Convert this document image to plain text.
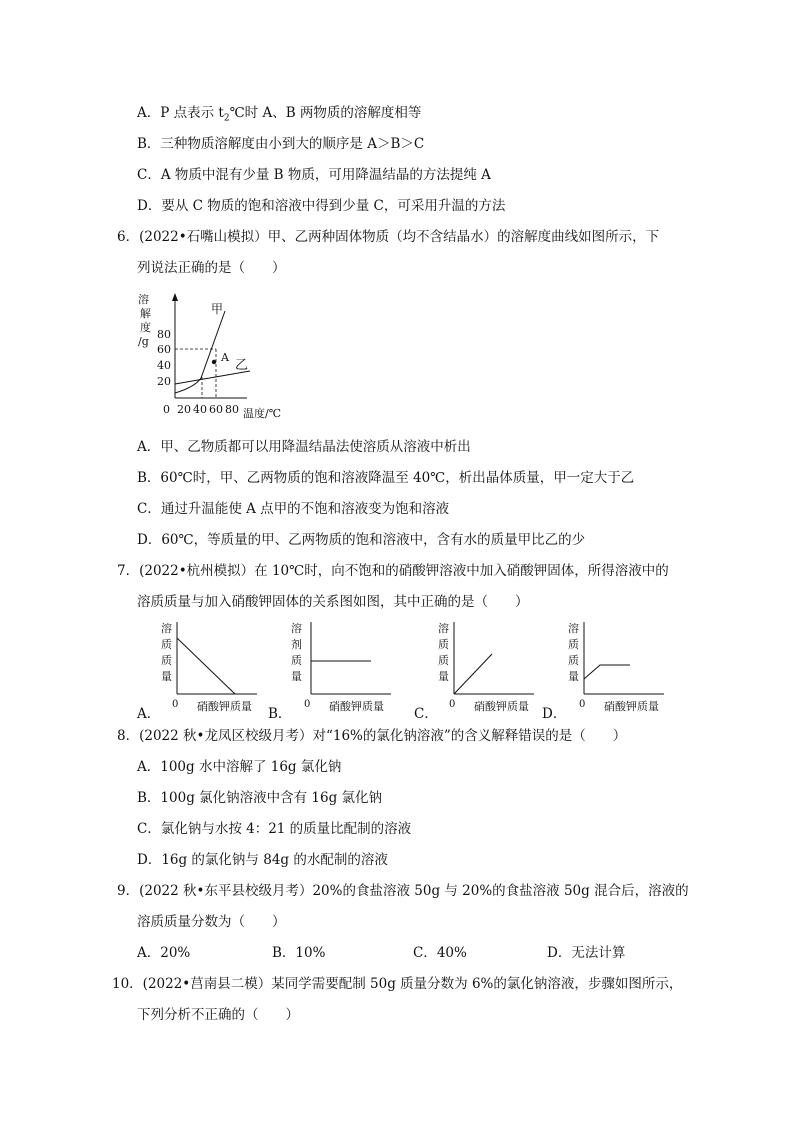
A．P 点表示 $t_2℃$时 A、B 两物质的溶解度相等
B．三种物质溶解度由小到大的顺序是 A＞B＞C
C．A 物质中混有少量 B 物质，可用降温结晶的方法提纯 A
D．要从 C 物质的饱和溶液中得到少量 C，可采用升温的方法
6．(2022•石嘴山模拟）甲、乙两种固体物质（均不含结晶水）的溶解度曲线如图所示，下
列说法正确的是（　　）
溶
解
度
/g
80
60
40
20
0 20 40 60 80 温度/℃
甲
乙
A
A．甲、乙物质都可以用降温结晶法使溶质从溶液中析出
B．60℃时，甲、乙两物质的饱和溶液降温至 40℃，析出晶体质量，甲一定大于乙
C．通过升温能使 A 点甲的不饱和溶液变为饱和溶液
D．60℃，等质量的甲、乙两物质的饱和溶液中，含有水的质量甲比乙的少
7．(2022•杭州模拟）在 10℃时，向不饱和的硝酸钾溶液中加入硝酸钾固体，所得溶液中的
溶质质量与加入硝酸钾固体的关系图如图，其中正确的是（　　）
溶
质
质
量
0 硝酸钾质量
A．
溶
剂
质
量
0 硝酸钾质量
B．
溶
质
质
量
0 硝酸钾质量
C．
溶
质
质
量
0 硝酸钾质量
D．
8．(2022 秋•龙凤区校级月考）对“16%的氯化钠溶液”的含义解释错误的是（　　）
A．100g 水中溶解了 16g 氯化钠
B．100g 氯化钠溶液中含有 16g 氯化钠
C．氯化钠与水按 4：21 的质量比配制的溶液
D．16g 的氯化钠与 84g 的水配制的溶液
9．(2022 秋•东平县校级月考）20%的食盐溶液 50g 与 20%的食盐溶液 50g 混合后，溶液的
溶质质量分数为（　　）
A．20%	B．10%	C．40%	D．无法计算
10．(2022•莒南县二模）某同学需要配制 50g 质量分数为 6%的氯化钠溶液，步骤如图所示，
下列分析不正确的（　　）
